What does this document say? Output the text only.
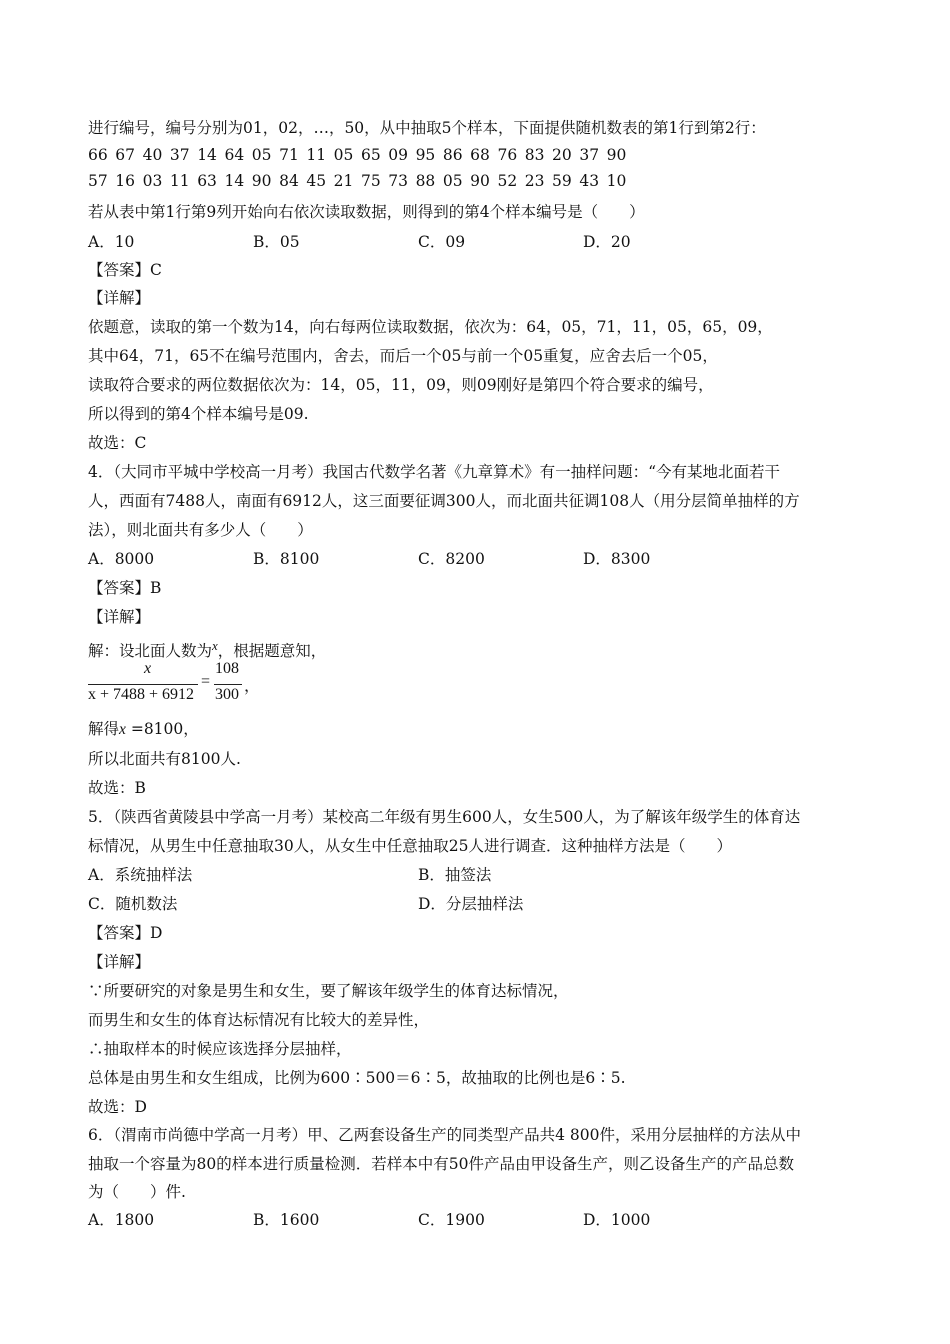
进行编号，编号分别为01，02，…，50，从中抽取5个样本，下面提供随机数表的第1行到第2行：
66 67 40 37 14 64 05 71 11 05 65 09 95 86 68 76 83 20 37 90
57 16 03 11 63 14 90 84 45 21 75 73 88 05 90 52 23 59 43 10
若从表中第1行第9列开始向右依次读取数据，则得到的第4个样本编号是（　　）
A．10	B．05	C．09	D．20
【答案】C
【详解】
依题意，读取的第一个数为14，向右每两位读取数据，依次为：64，05，71，11，05，65，09，
其中64，71，65不在编号范围内，舍去，而后一个05与前一个05重复，应舍去后一个05，
读取符合要求的两位数据依次为：14，05，11，09，则09刚好是第四个符合要求的编号，
所以得到的第4个样本编号是09.
故选：C
4．（大同市平城中学校高一月考）我国古代数学名著《九章算术》有一抽样问题：“今有某地北面若干
人，西面有7488人，南面有6912人，这三面要征调300人，而北面共征调108人（用分层简单抽样的方
法），则北面共有多少人（　　）
A．8000	B．8100	C．8200	D．8300
【答案】B
【详解】
解：设北面人数为$^x$，根据题意知，
x
x + 7488 + 6912
=
108
300 ，
解得x =8100，
所以北面共有8100人.
故选：B
5．（陕西省黄陵县中学高一月考）某校高二年级有男生600人，女生500人，为了解该年级学生的体育达
标情况，从男生中任意抽取30人，从女生中任意抽取25人进行调查．这种抽样方法是（　　）
A．系统抽样法	B．抽签法
C．随机数法	D．分层抽样法
【答案】D
【详解】
∵所要研究的对象是男生和女生，要了解该年级学生的体育达标情况，
而男生和女生的体育达标情况有比较大的差异性，
∴抽取样本的时候应该选择分层抽样，
总体是由男生和女生组成，比例为600∶500＝6∶5，故抽取的比例也是6∶5.
故选：D
6．（渭南市尚德中学高一月考）甲、乙两套设备生产的同类型产品共4 800件，采用分层抽样的方法从中
抽取一个容量为80的样本进行质量检测．若样本中有50件产品由甲设备生产，则乙设备生产的产品总数
为（　　）件.
A．1800	B．1600	C．1900	D．1000
